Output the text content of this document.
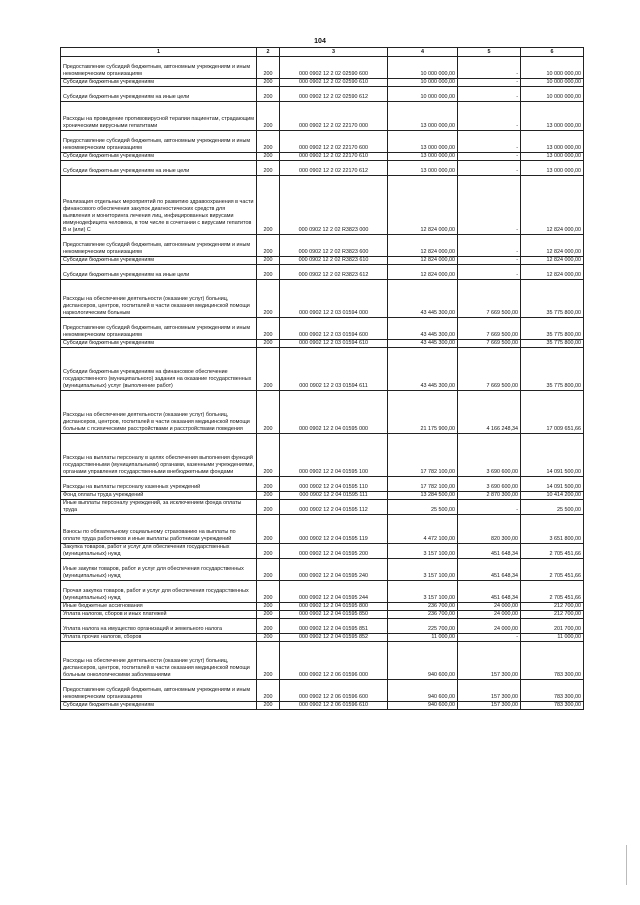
104
1	2	3	4	5	6
Предоставление субсидий бюджетным, автономным учреждениям и иным некоммерческим организациям	200	000 0902 12 2 02 02590 600	10 000 000,00	-	10 000 000,00
Субсидии бюджетным учреждениям	200	000 0902 12 2 02 02590 610	10 000 000,00	-	10 000 000,00
Субсидии бюджетным учреждениям на иные цели	200	000 0902 12 2 02 02590 612	10 000 000,00	-	10 000 000,00
Расходы на проведение противовирусной терапии пациентам, страдающим хроническими вирусными гепатитами	200	000 0902 12 2 02 22170 000	13 000 000,00	-	13 000 000,00
Предоставление субсидий бюджетным, автономным учреждениям и иным некоммерческим организациям	200	000 0902 12 2 02 22170 600	13 000 000,00	-	13 000 000,00
Субсидии бюджетным учреждениям	200	000 0902 12 2 02 22170 610	13 000 000,00	-	13 000 000,00
Субсидии бюджетным учреждениям на иные цели	200	000 0902 12 2 02 22170 612	13 000 000,00	-	13 000 000,00
Реализация отдельных мероприятий по развитию здравоохранения в части финансового обеспечения закупок диагностических средств для выявления и мониторинга лечения лиц, инфицированных вирусами иммунодефицита человека, в том числе в сочетании с вирусами гепатитов В и (или) С	200	000 0902 12 2 02 R3823 000	12 824 000,00	-	12 824 000,00
Предоставление субсидий бюджетным, автономным учреждениям и иным некоммерческим организациям	200	000 0902 12 2 02 R3823 600	12 824 000,00	-	12 824 000,00
Субсидии бюджетным учреждениям	200	000 0902 12 2 02 R3823 610	12 824 000,00	-	12 824 000,00
Субсидии бюджетным учреждениям на иные цели	200	000 0902 12 2 02 R3823 612	12 824 000,00	-	12 824 000,00
Расходы на обеспечение деятельности (оказание услуг) больниц, диспансеров, центров, госпиталей в части оказания медицинской помощи наркологическим больным	200	000 0902 12 2 03 01594 000	43 445 300,00	7 669 500,00	35 775 800,00
Предоставление субсидий бюджетным, автономным учреждениям и иным некоммерческим организациям	200	000 0902 12 2 03 01594 600	43 445 300,00	7 669 500,00	35 775 800,00
Субсидии бюджетным учреждениям	200	000 0902 12 2 03 01594 610	43 445 300,00	7 669 500,00	35 775 800,00
Субсидии бюджетным учреждениям на финансовое обеспечение государственного (муниципального) задания на оказание государственных (муниципальных) услуг (выполнение работ)	200	000 0902 12 2 03 01594 611	43 445 300,00	7 669 500,00	35 775 800,00
Расходы на обеспечение деятельности (оказание услуг) больниц, диспансеров, центров, госпиталей в части оказания медицинской помощи больным с психическими расстройствами и расстройствами поведения	200	000 0902 12 2 04 01595 000	21 175 900,00	4 166 248,34	17 009 651,66
Расходы на выплаты персоналу в целях обеспечения выполнения функций государственными (муниципальными) органами, казенными учреждениями, органами управления государственными внебюджетными фондами	200	000 0902 12 2 04 01595 100	17 782 100,00	3 690 600,00	14 091 500,00
Расходы на выплаты персоналу казенных учреждений	200	000 0902 12 2 04 01595 110	17 782 100,00	3 690 600,00	14 091 500,00
Фонд оплаты труда учреждений	200	000 0902 12 2 04 01595 111	13 284 500,00	2 870 300,00	10 414 200,00
Иные выплаты персоналу учреждений, за исключением фонда оплаты труда	200	000 0902 12 2 04 01595 112	25 500,00	-	25 500,00
Взносы по обязательному социальному страхованию на выплаты по оплате труда работников и иные выплаты работникам учреждений	200	000 0902 12 2 04 01595 119	4 472 100,00	820 300,00	3 651 800,00
Закупка товаров, работ и услуг для обеспечения государственных (муниципальных) нужд	200	000 0902 12 2 04 01595 200	3 157 100,00	451 648,34	2 705 451,66
Иные закупки товаров, работ и услуг для обеспечения государственных (муниципальных) нужд	200	000 0902 12 2 04 01595 240	3 157 100,00	451 648,34	2 705 451,66
Прочая закупка товаров, работ и услуг для обеспечения государственных (муниципальных) нужд	200	000 0902 12 2 04 01595 244	3 157 100,00	451 648,34	2 705 451,66
Иные бюджетные ассигнования	200	000 0902 12 2 04 01595 800	236 700,00	24 000,00	212 700,00
Уплата налогов, сборов и иных платежей	200	000 0902 12 2 04 01595 850	236 700,00	24 000,00	212 700,00
Уплата налога на имущество организаций и земельного налога	200	000 0902 12 2 04 01595 851	225 700,00	24 000,00	201 700,00
Уплата прочих налогов, сборов	200	000 0902 12 2 04 01595 852	11 000,00	-	11 000,00
Расходы на обеспечение деятельности (оказание услуг) больниц, диспансеров, центров, госпиталей в части оказания медицинской помощи больным онкологическими заболеваниями	200	000 0902 12 2 06 01596 000	940 600,00	157 300,00	783 300,00
Предоставление субсидий бюджетным, автономным учреждениям и иным некоммерческим организациям	200	000 0902 12 2 06 01596 600	940 600,00	157 300,00	783 300,00
Субсидии бюджетным учреждениям	200	000 0902 12 2 06 01596 610	940 600,00	157 300,00	783 300,00
